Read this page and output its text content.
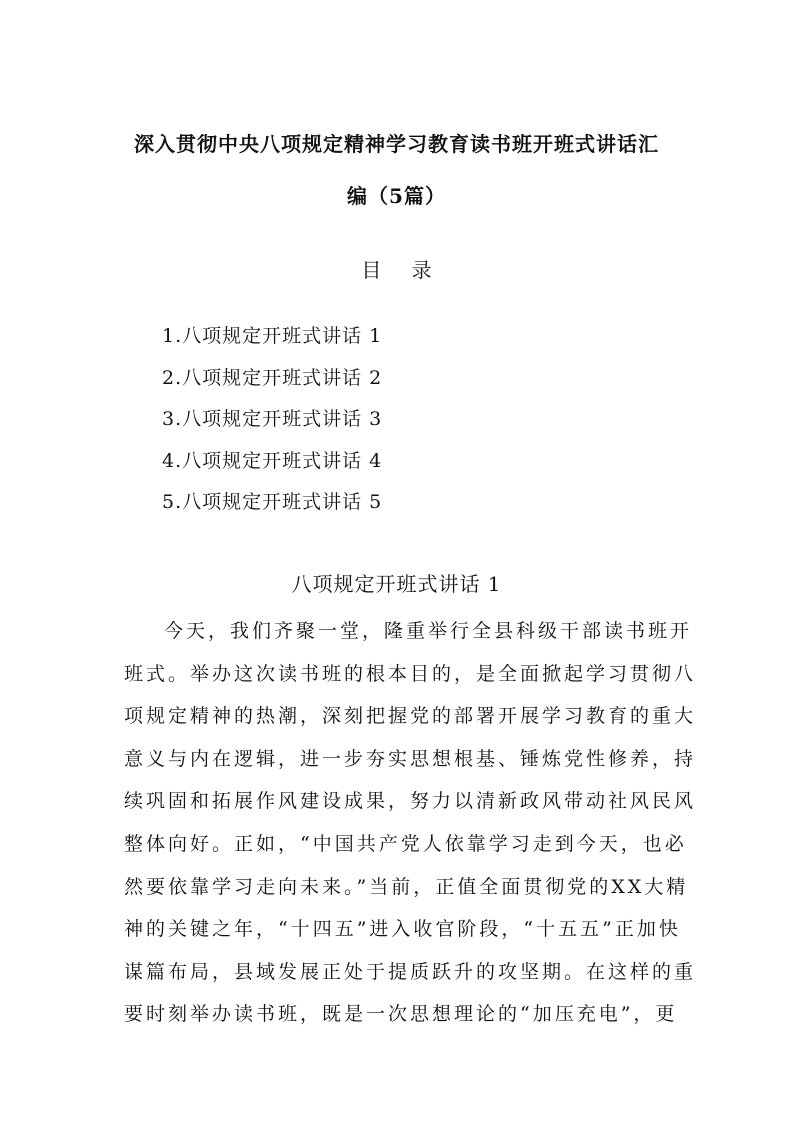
深入贯彻中央八项规定精神学习教育读书班开班式讲话汇
编（5篇）
目 录
1.八项规定开班式讲话 1
2.八项规定开班式讲话 2
3.八项规定开班式讲话 3
4.八项规定开班式讲话 4
5.八项规定开班式讲话 5
八项规定开班式讲话 1
今天，我们齐聚一堂，隆重举行全县科级干部读书班开
班式。举办这次读书班的根本目的，是全面掀起学习贯彻八
项规定精神的热潮，深刻把握党的部署开展学习教育的重大
意义与内在逻辑，进一步夯实思想根基、锤炼党性修养，持
续巩固和拓展作风建设成果，努力以清新政风带动社风民风
整体向好。正如，“中国共产党人依靠学习走到今天，也必
然要依靠学习走向未来。”当前，正值全面贯彻党的XX大精
神的关键之年，“十四五”进入收官阶段，“十五五”正加快
谋篇布局，县域发展正处于提质跃升的攻坚期。在这样的重
要时刻举办读书班，既是一次思想理论的“加压充电”，更
